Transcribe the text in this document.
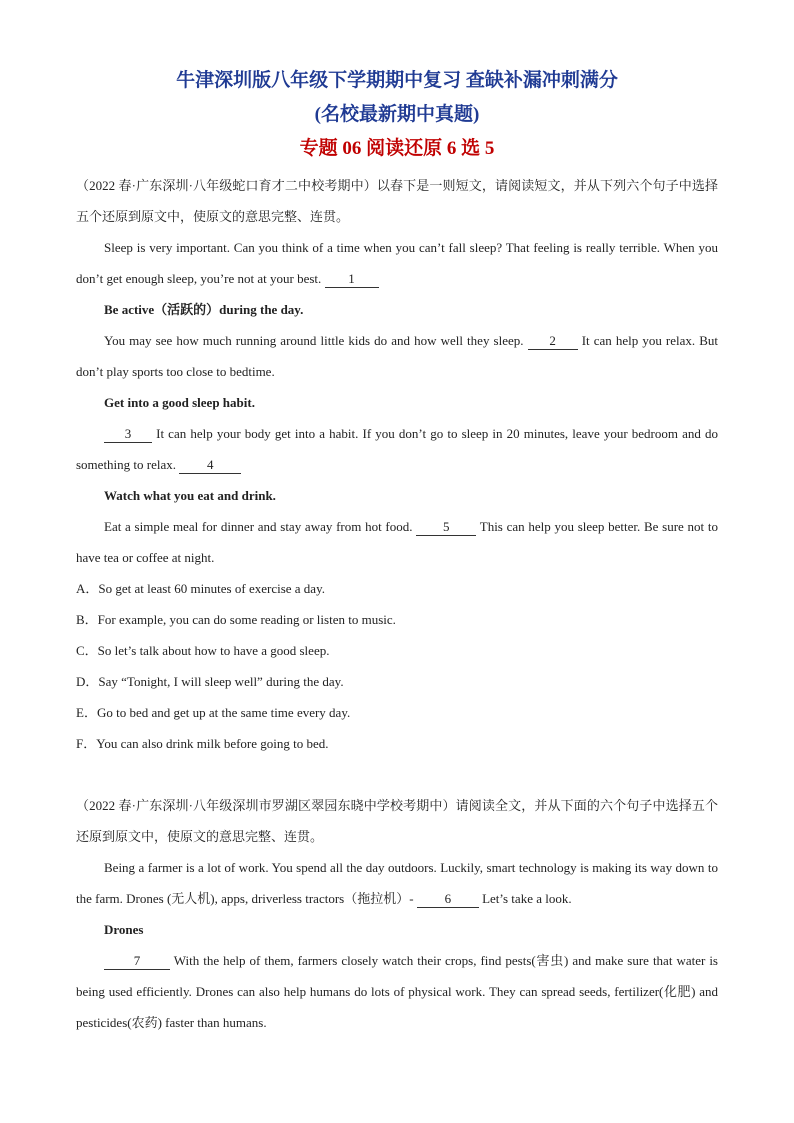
牛津深圳版八年级下学期期中复习 查缺补漏冲刺满分
(名校最新期中真题)
专题 06 阅读还原 6 选 5

（2022 春·广东深圳·八年级蛇口育才二中校考期中）以春下是一则短文，请阅读短文，并从下列六个句子中选择五个还原到原文中，使原文的意思完整、连贯。

Sleep is very important. Can you think of a time when you can’t fall sleep? That feeling is really terrible. When you don’t get enough sleep, you’re not at your best. 1

Be active（活跃的）during the day.

You may see how much running around little kids do and how well they sleep. 2 It can help you relax. But don’t play sports too close to bedtime.

Get into a good sleep habit.

3 It can help your body get into a habit. If you don’t go to sleep in 20 minutes, leave your bedroom and do something to relax. 4

Watch what you eat and drink.

Eat a simple meal for dinner and stay away from hot food. 5 This can help you sleep better. Be sure not to have tea or coffee at night.

A．So get at least 60 minutes of exercise a day.

B．For example, you can do some reading or listen to music.

C．So let’s talk about how to have a good sleep.

D．Say “Tonight, I will sleep well” during the day.

E．Go to bed and get up at the same time every day.

F．You can also drink milk before going to bed.

（2022 春·广东深圳·八年级深圳市罗湖区翠园东晓中学校考期中）请阅读全文，并从下面的六个句子中选择五个还原到原文中，使原文的意思完整、连贯。

Being a farmer is a lot of work. You spend all the day outdoors. Luckily, smart technology is making its way down to the farm. Drones (无人机), apps, driverless tractors（拖拉机）- 6 Let’s take a look.

Drones

7	With the help of them, farmers closely watch their crops, find pests(害虫) and make sure that water is being used efficiently. Drones can also help humans do lots of physical work. They can spread seeds, fertilizer(化肥) and pesticides(农药) faster than humans.
